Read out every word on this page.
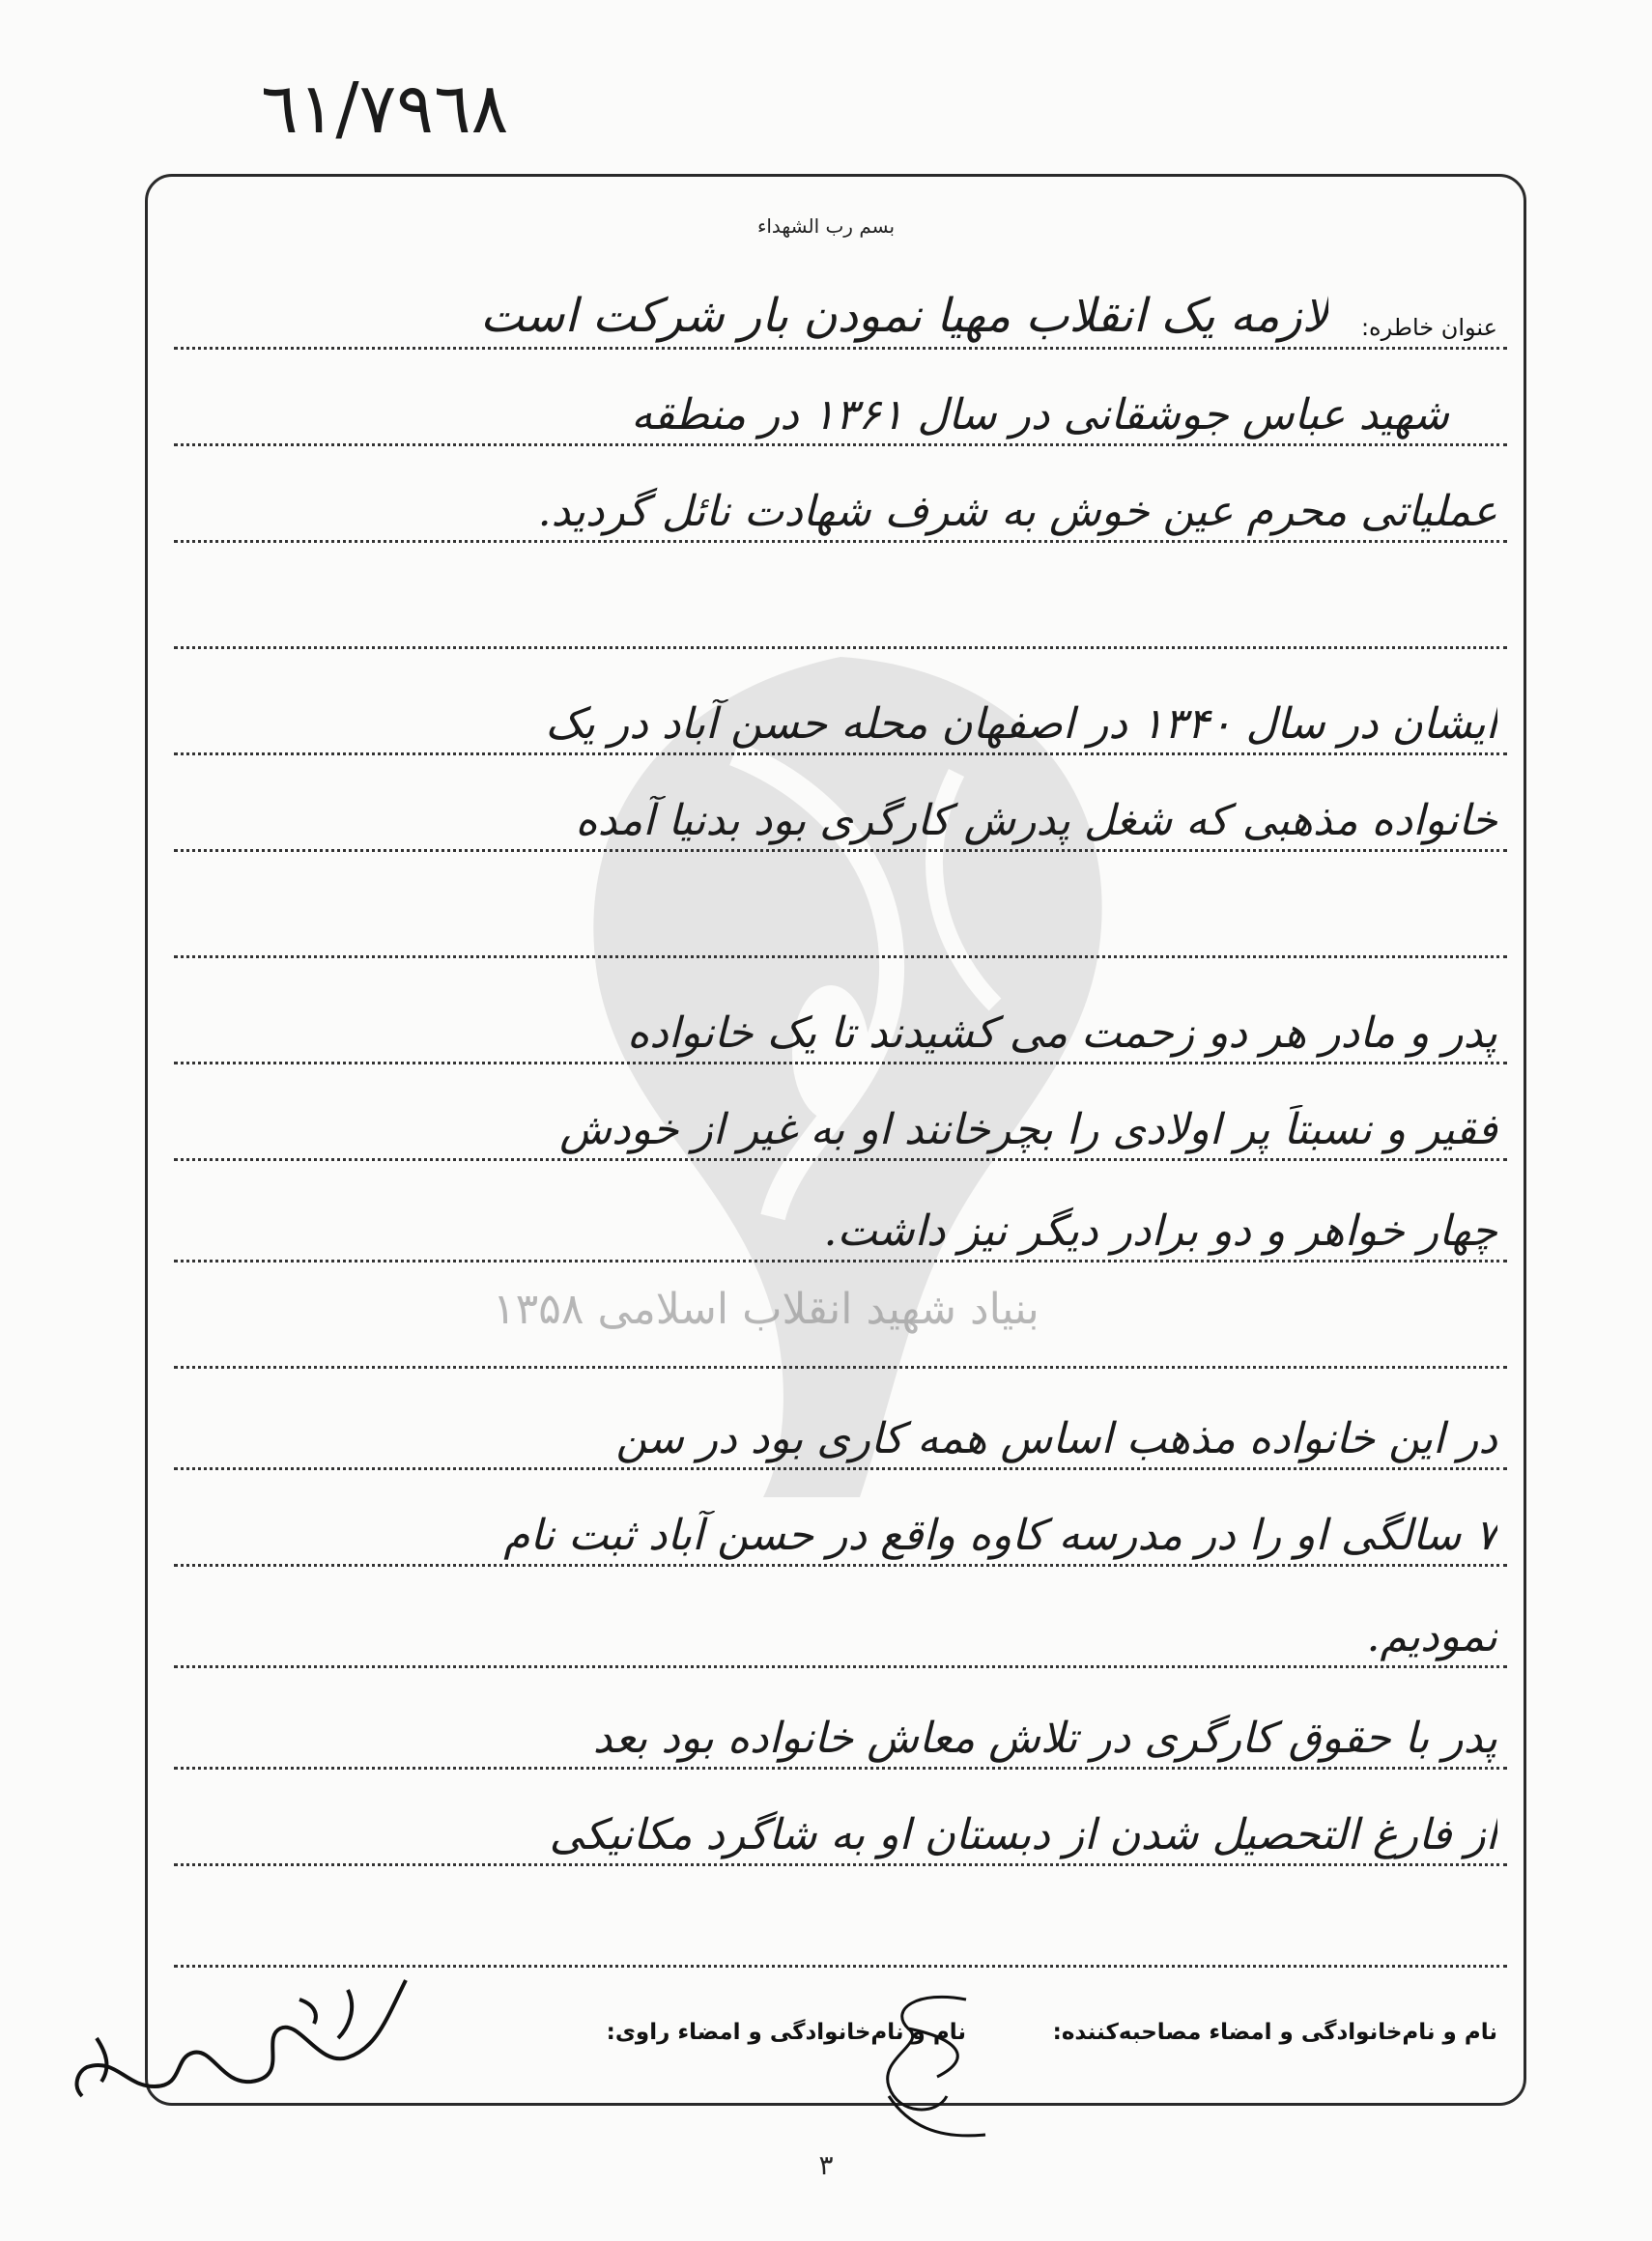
٦١/٧٩٦٨
بنیاد شهید انقلاب اسلامی ۱۳۵۸
بسم رب الشهداء
عنوان خاطره:
لازمه یک انقلاب مهیا نمودن بار شرکت است
شهید عباس جوشقانی در سال ۱۳۶۱ در منطقه
عملیاتی محرم عین خوش به شرف شهادت نائل گردید.
ایشان در سال ۱۳۴۰ در اصفهان محله حسن آباد در یک
خانواده مذهبی که شغل پدرش کارگری بود بدنیا آمده
پدر و مادر هر دو زحمت می کشیدند تا یک خانواده
فقیر و نسبتاً پر اولادی را بچرخانند او به غیر از خودش
چهار خواهر و دو برادر دیگر نیز داشت.
در این خانواده مذهب اساس همه کاری بود در سن
۷ سالگی او را در مدرسه کاوه واقع در حسن آباد ثبت نام
نمودیم.
پدر با حقوق کارگری در تلاش معاش خانواده بود بعد
از فارغ التحصیل شدن از دبستان او به شاگرد مکانیکی
نام و نام‌خانوادگی و امضاء مصاحبه‌کننده:
نام و نام‌خانوادگی و امضاء راوی:
۳
